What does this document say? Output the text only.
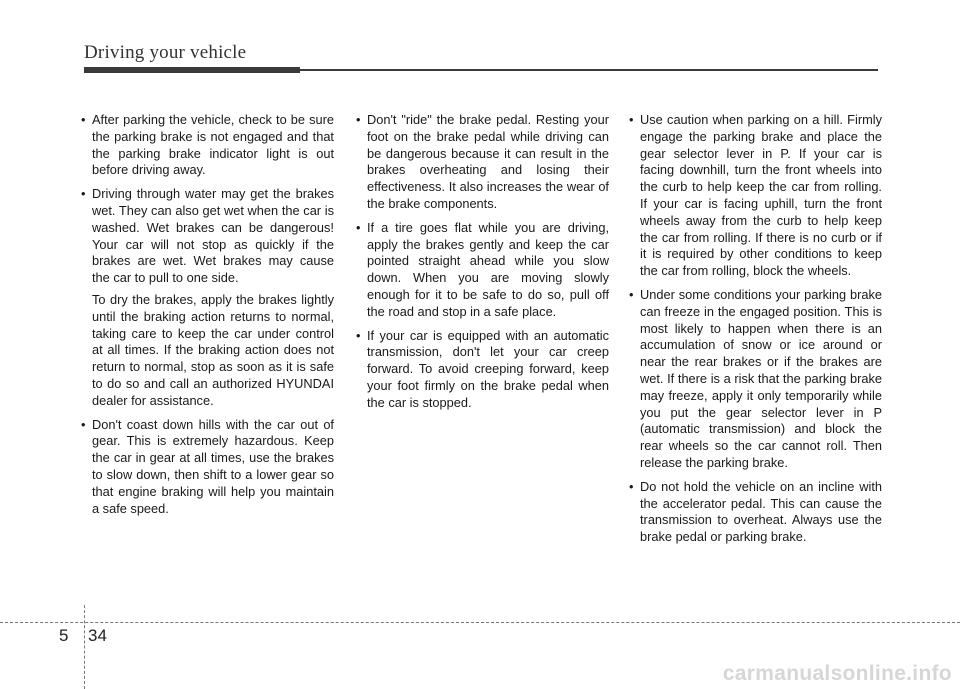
Driving your vehicle
• After parking the vehicle, check to be sure the parking brake is not engaged and that the parking brake indicator light is out before driving away.

• Driving through water may get the brakes wet. They can also get wet when the car is washed. Wet brakes can be dangerous! Your car will not stop as quickly if the brakes are wet. Wet brakes may cause the car to pull to one side.

To dry the brakes, apply the brakes lightly until the braking action returns to normal, taking care to keep the car under control at all times. If the braking action does not return to normal, stop as soon as it is safe to do so and call an authorized HYUNDAI dealer for assistance.

• Don't coast down hills with the car out of gear. This is extremely hazardous. Keep the car in gear at all times, use the brakes to slow down, then shift to a lower gear so that engine braking will help you maintain a safe speed.

• Don't "ride" the brake pedal. Resting your foot on the brake pedal while driving can be dangerous because it can result in the brakes overheating and losing their effectiveness. It also increases the wear of the brake components.

• If a tire goes flat while you are driving, apply the brakes gently and keep the car pointed straight ahead while you slow down. When you are moving slowly enough for it to be safe to do so, pull off the road and stop in a safe place.

• If your car is equipped with an automatic transmission, don't let your car creep forward. To avoid creeping forward, keep your foot firmly on the brake pedal when the car is stopped.

• Use caution when parking on a hill. Firmly engage the parking brake and place the gear selector lever in P. If your car is facing downhill, turn the front wheels into the curb to help keep the car from rolling. If your car is facing uphill, turn the front wheels away from the curb to help keep the car from rolling. If there is no curb or if it is required by other conditions to keep the car from rolling, block the wheels.

• Under some conditions your parking brake can freeze in the engaged position. This is most likely to happen when there is an accumulation of snow or ice around or near the rear brakes or if the brakes are wet. If there is a risk that the parking brake may freeze, apply it only temporarily while you put the gear selector lever in P (automatic transmission) and block the rear wheels so the car cannot roll. Then release the parking brake.

• Do not hold the vehicle on an incline with the accelerator pedal. This can cause the transmission to overheat. Always use the brake pedal or parking brake.

5 34
carmanualsonline.info
